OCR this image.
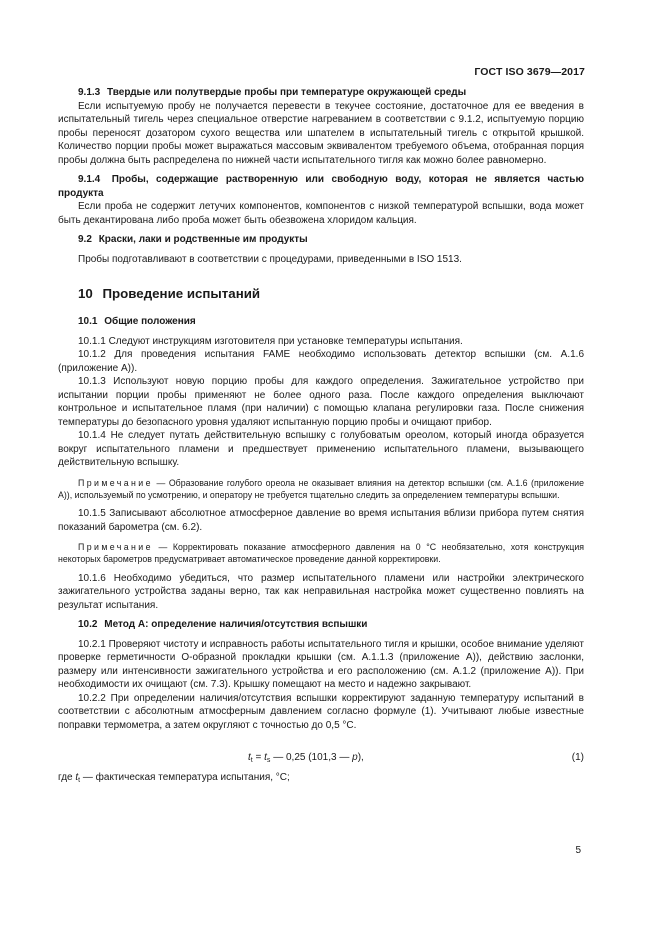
ГОСТ ISO 3679—2017
9.1.3 Твердые или полутвердые пробы при температуре окружающей среды

Если испытуемую пробу не получается перевести в текучее состояние, достаточное для ее введения в испытательный тигель через специальное отверстие нагреванием в соответствии с 9.1.2, испытуемую порцию пробы переносят дозатором сухого вещества или шпателем в испытательный тигель с открытой крышкой. Количество порции пробы может выражаться массовым эквивалентом требуемого объема, отобранная порция пробы должна быть распределена по нижней части испытательного тигля как можно более равномерно.

9.1.4 Пробы, содержащие растворенную или свободную воду, которая не является частью продукта

Если проба не содержит летучих компонентов, компонентов с низкой температурой вспышки, вода может быть декантирована либо проба может быть обезвожена хлоридом кальция.

9.2 Краски, лаки и родственные им продукты

Пробы подготавливают в соответствии с процедурами, приведенными в ISO 1513.

10 Проведение испытаний
10.1 Общие положения

10.1.1 Следуют инструкциям изготовителя при установке температуры испытания.

10.1.2 Для проведения испытания FAME необходимо использовать детектор вспышки (см. А.1.6 (приложение А)).

10.1.3 Используют новую порцию пробы для каждого определения. Зажигательное устройство при испытании порции пробы применяют не более одного раза. После каждого определения выключают контрольное и испытательное пламя (при наличии) с помощью клапана регулировки газа. После снижения температуры до безопасного уровня удаляют испытанную порцию пробы и очищают прибор.

10.1.4 Не следует путать действительную вспышку с голубоватым ореолом, который иногда образуется вокруг испытательного пламени и предшествует применению испытательного пламени, вызывающего действительную вспышку.

Примечание — Образование голубого ореола не оказывает влияния на детектор вспышки (см. А.1.6 (приложение А)), используемый по усмотрению, и оператору не требуется тщательно следить за определением температуры вспышки.

10.1.5 Записывают абсолютное атмосферное давление во время испытания вблизи прибора путем снятия показаний барометра (см. 6.2).

Примечание — Корректировать показание атмосферного давления на 0 °С необязательно, хотя конструкция некоторых барометров предусматривает автоматическое проведение данной корректировки.

10.1.6 Необходимо убедиться, что размер испытательного пламени или настройки электрического зажигательного устройства заданы верно, так как неправильная настройка может существенно повлиять на результат испытания.

10.2 Метод А: определение наличия/отсутствия вспышки

10.2.1 Проверяют чистоту и исправность работы испытательного тигля и крышки, особое внимание уделяют проверке герметичности О-образной прокладки крышки (см. А.1.1.3 (приложение А)), действию заслонки, размеру или интенсивности зажигательного устройства и его расположению (см. А.1.2 (приложение А)). При необходимости их очищают (см. 7.3). Крышку помещают на место и надежно закрывают.

10.2.2 При определении наличия/отсутствия вспышки корректируют заданную температуру испытаний в соответствии с абсолютным атмосферным давлением согласно формуле (1). Учитывают любые известные поправки термометра, а затем округляют с точностью до 0,5 °С.

$t_t = t_s$ — 0,25 (101,3 — p),	(1)

где $t_t$ — фактическая температура испытания, °С;

5
